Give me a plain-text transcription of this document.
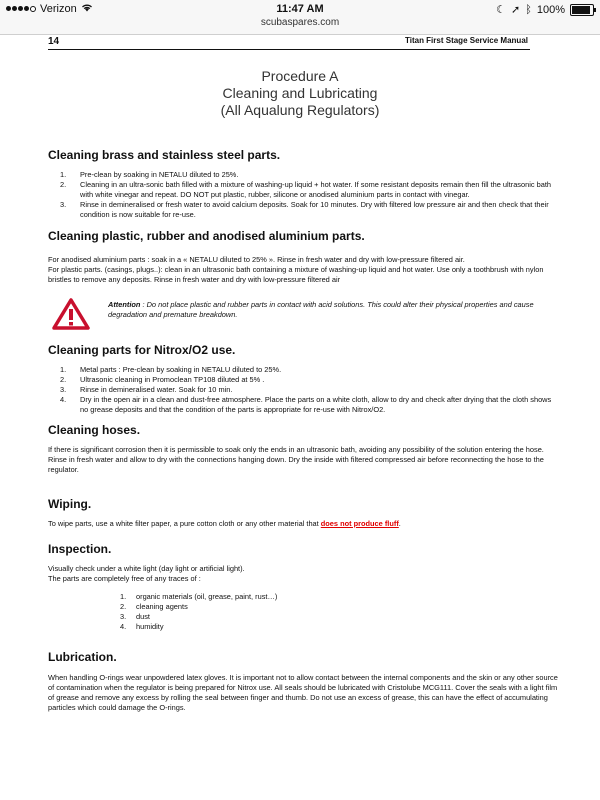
Verizon	11:47 AM
scubaspares.com
☾ ➚ ᛒ 100%
14	Titan First Stage Service Manual
Procedure A
Cleaning and Lubricating
(All Aqualung Regulators)
Cleaning brass and stainless steel parts.
1.	Pre-clean by soaking in NETALU diluted to 25%.
2.	Cleaning in an ultra-sonic bath filled with a mixture of washing-up liquid + hot water. If some resistant deposits remain then fill the ultrasonic bath with white vinegar and repeat. DO NOT put plastic, rubber, silicone or anodised aluminium parts in contact with vinegar.
3.	Rinse in demineralised or fresh water to avoid calcium deposits. Soak for 10 minutes. Dry with filtered low pressure air and then check that their condition is now suitable for re-use.
Cleaning plastic, rubber and anodised aluminium parts.

For anodised aluminium parts : soak in a « NETALU diluted to 25% ». Rinse in fresh water and dry with low-pressure filtered air.

For plastic parts. (casings, plugs..): clean in an ultrasonic bath containing a mixture of washing-up liquid and hot water. Use only a toothbrush with nylon bristles to remove any deposits. Rinse in fresh water and dry with low-pressure filtered air

Attention : Do not place plastic and rubber parts in contact with acid solutions. This could alter their physical properties and cause degradation and premature breakdown.
Cleaning parts for Nitrox/O2 use.
1.	Metal parts : Pre-clean by soaking in NETALU diluted to 25%.
2.	Ultrasonic cleaning in Promoclean TP108 diluted at 5% .
3.	Rinse in demineralised water. Soak for 10 min.
4.	Dry in the open air in a clean and dust-free atmosphere. Place the parts on a white cloth, allow to dry and check after drying that the cloth shows no grease deposits and that the condition of the parts is appropriate for re-use with Nitrox/O2.
Cleaning hoses.

If there is significant corrosion then it is permissible to soak only the ends in an ultrasonic bath, avoiding any possibility of the solution entering the hose. Rinse in fresh water and allow to dry with the connections hanging down. Dry the inside with filtered compressed air before reconnecting the hose to the regulator.

Wiping.

To wipe parts, use a white filter paper, a pure cotton cloth or any other material that does not produce fluff.

Inspection.

Visually check under a white light (day light or artificial light).

The parts are completely free of any traces of :

1.	organic materials (oil, grease, paint, rust…)
2.	cleaning agents
3.	dust
4.	humidity
Lubrication.

When handling O-rings wear unpowdered latex gloves. It is important not to allow contact between the internal components and the skin or any other source of contamination when the regulator is being prepared for Nitrox use. All seals should be lubricated with Cristolube MCG111. Cover the seals with a light film of grease and remove any excess by rolling the seal between finger and thumb. Do not use an excess of grease, this can have the effect of accumulating particles which could damage the O-rings.
